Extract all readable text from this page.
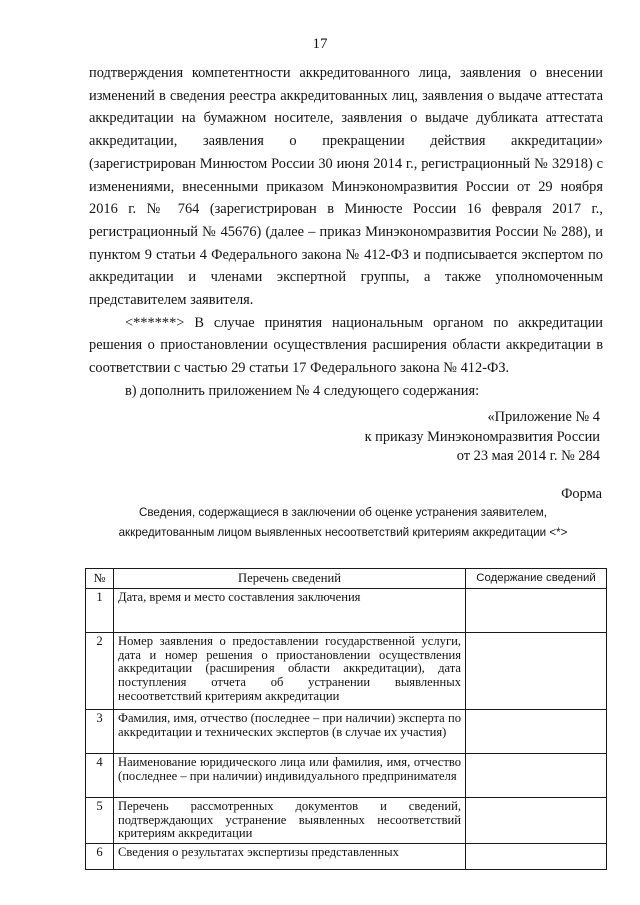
17

подтверждения компетентности аккредитованного лица, заявления о внесении изменений в сведения реестра аккредитованных лиц, заявления о выдаче аттестата аккредитации на бумажном носителе, заявления о выдаче дубликата аттестата аккредитации, заявления о прекращении действия аккредитации» (зарегистрирован Минюстом России 30 июня 2014 г., регистрационный № 32918) с изменениями, внесенными приказом Минэкономразвития России от 29 ноября 2016 г. № 764 (зарегистрирован в Минюсте России 16 февраля 2017 г., регистрационный № 45676) (далее – приказ Минэкономразвития России № 288), и пунктом 9 статьи 4 Федерального закона № 412-ФЗ и подписывается экспертом по аккредитации и членами экспертной группы, а также уполномоченным представителем заявителя.

<******> В случае принятия национальным органом по аккредитации решения о приостановлении осуществления расширения области аккредитации в соответствии с частью 29 статьи 17 Федерального закона № 412-ФЗ.

в) дополнить приложением № 4 следующего содержания:

«Приложение № 4
к приказу Минэкономразвития России
от 23 мая 2014 г. № 284
Форма
Сведения, содержащиеся в заключении об оценке устранения заявителем, аккредитованным лицом выявленных несоответствий критериям аккредитации <*>
№	Перечень сведений	Содержание сведений
1	Дата, время и место составления заключения	
2	Номер заявления о предоставлении государственной услуги, дата и номер решения о приостановлении осуществления аккредитации (расширения области аккредитации), дата поступления отчета об устранении выявленных несоответствий критериям аккредитации	
3	Фамилия, имя, отчество (последнее – при наличии) эксперта по аккредитации и технических экспертов (в случае их участия)	
4	Наименование юридического лица или фамилия, имя, отчество (последнее – при наличии) индивидуального предпринимателя	
5	Перечень рассмотренных документов и сведений, подтверждающих устранение выявленных несоответствий критериям аккредитации	
6	Сведения о результатах экспертизы представленных	
